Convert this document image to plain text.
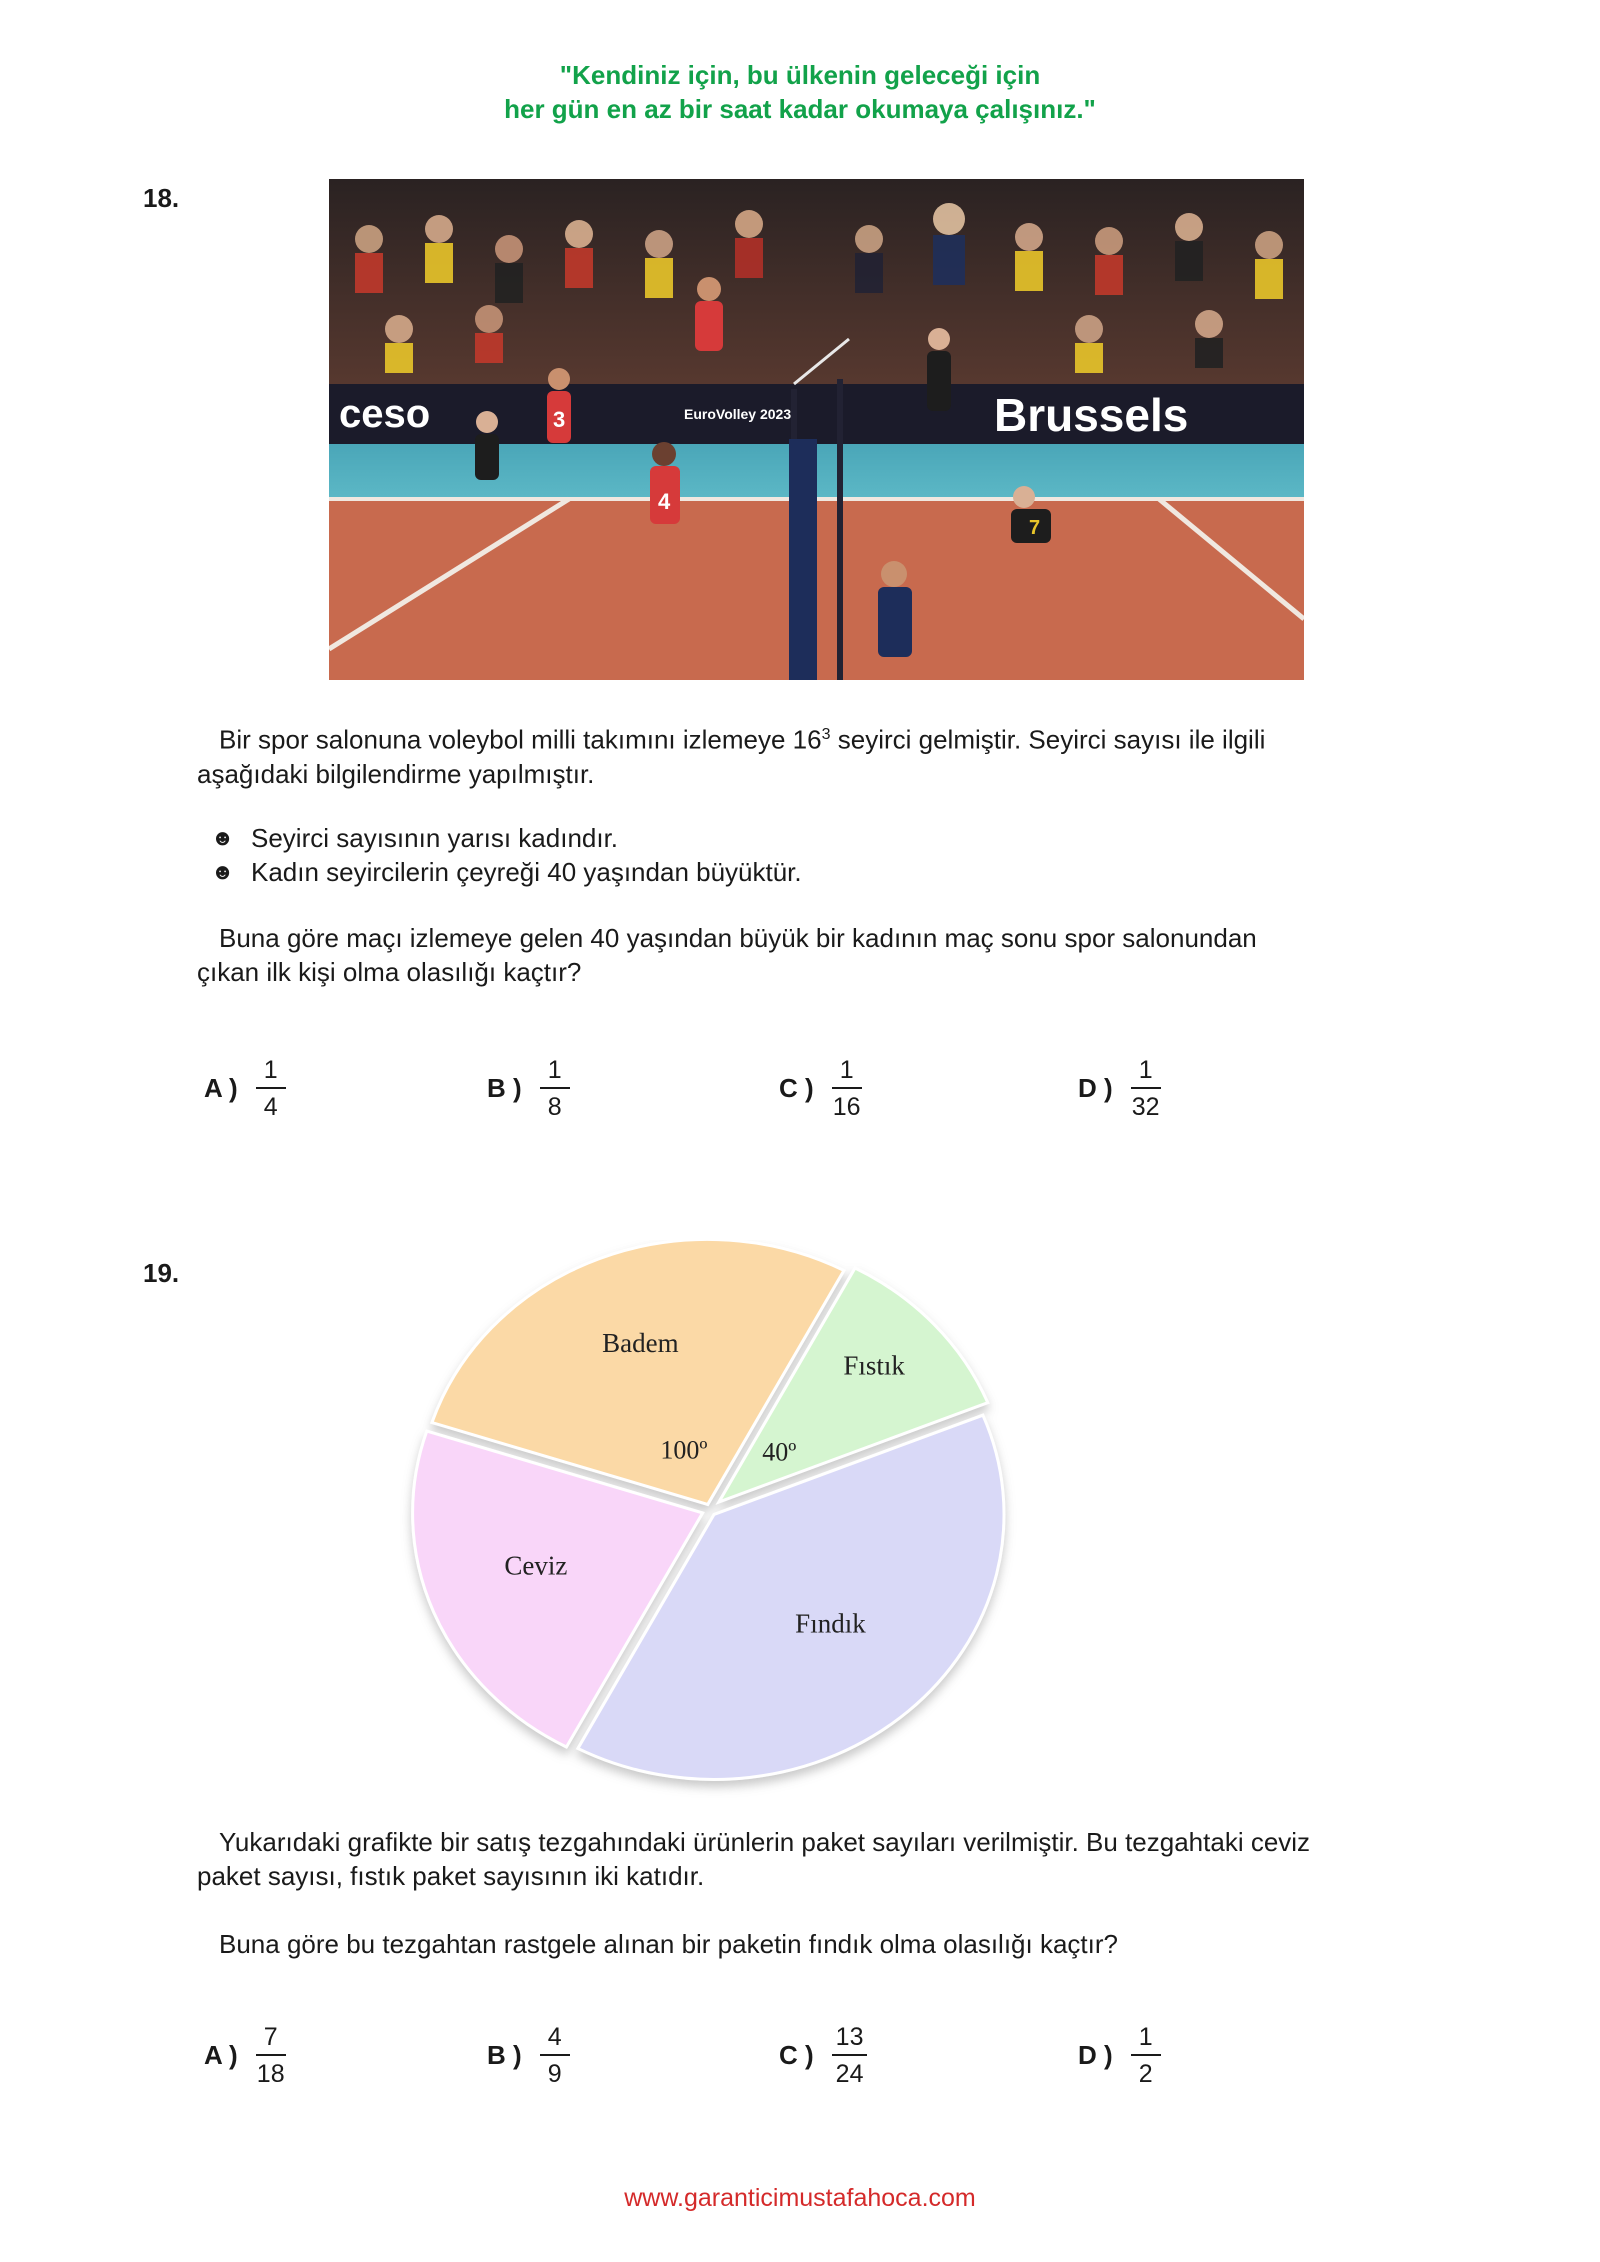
"Kendiniz için, bu ülkenin geleceği için
her gün en az bir saat kadar okumaya çalışınız."
18.
ceso	EuroVolley 2023	Brussels
3
4
7
Bir spor salonuna voleybol milli takımını izlemeye $16^3$ seyirci gelmiştir. Seyirci sayısı ile ilgili
aşağıdaki bilgilendirme yapılmıştır.
☻ Seyirci sayısının yarısı kadındır.
☻ Kadın seyircilerin çeyreği 40 yaşından büyüktür.
Buna göre maçı izlemeye gelen 40 yaşından büyük bir kadının maç sonu spor salonundan
çıkan ilk kişi olma olasılığı kaçtır?
A ) $\frac{1}{4}$	B ) $\frac{1}{8}$	C ) $\frac{1}{16}$	D ) $\frac{1}{32}$
19.
Badem
100º
Ceviz
Fındık
Fıstık
40º
Yukarıdaki grafikte bir satış tezgahındaki ürünlerin paket sayıları verilmiştir. Bu tezgahtaki ceviz
paket sayısı, fıstık paket sayısının iki katıdır.
Buna göre bu tezgahtan rastgele alınan bir paketin fındık olma olasılığı kaçtır?
A ) $\frac{7}{18}$	B ) $\frac{4}{9}$	C ) $\frac{13}{24}$	D ) $\frac{1}{2}$
www.garanticimustafahoca.com
